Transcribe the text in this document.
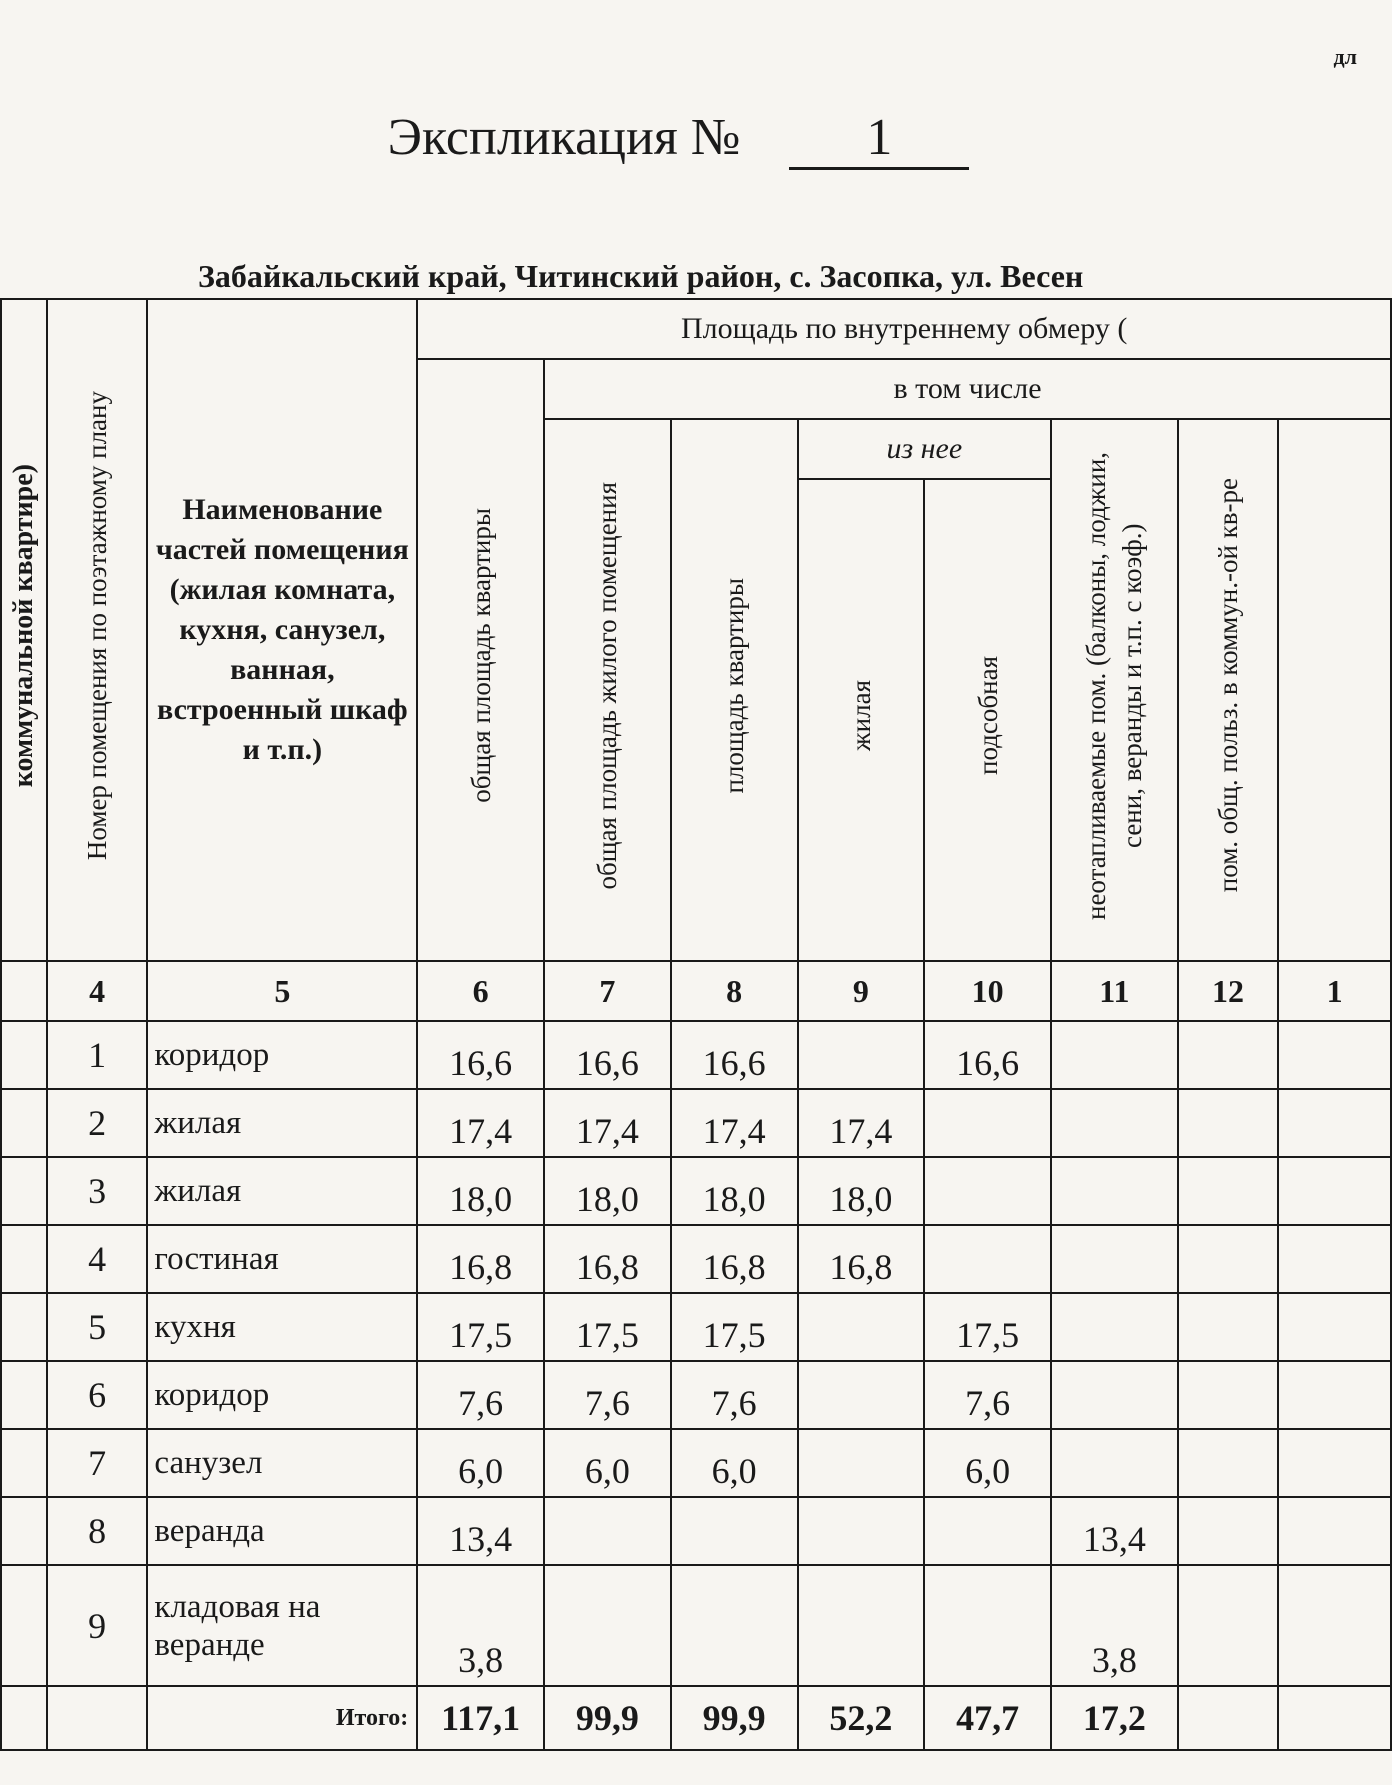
дл
Экспликация № 1
Забайкальский край, Читинский район, с. Засопка, ул. Весен
коммунальной квартире)	Номер помещения по поэтажному плану	Наименование частей помещения (жилая комната, кухня, санузел, ванная, встроенный шкаф и т.п.)	Площадь по внутреннему обмеру (							
			общая площадь квартиры	в том числе						
				общая площадь жилого помещения	площадь квартиры	из нее		неотапливаемые пом. (балконы, лоджии, сени, веранды и т.п. с коэф.)	пом. общ. польз. в коммун.-ой кв-ре	
						жилая	подсобная			
	4	5	6	7	8	9	10	11	12	1
	1	коридор	16,6	16,6	16,6		16,6			
	2	жилая	17,4	17,4	17,4	17,4				
	3	жилая	18,0	18,0	18,0	18,0				
	4	гостиная	16,8	16,8	16,8	16,8				
	5	кухня	17,5	17,5	17,5		17,5			
	6	коридор	7,6	7,6	7,6		7,6			
	7	санузел	6,0	6,0	6,0		6,0			
	8	веранда	13,4					13,4		
	9	кладовая на веранде	3,8					3,8		
		Итого:	117,1	99,9	99,9	52,2	47,7	17,2		
